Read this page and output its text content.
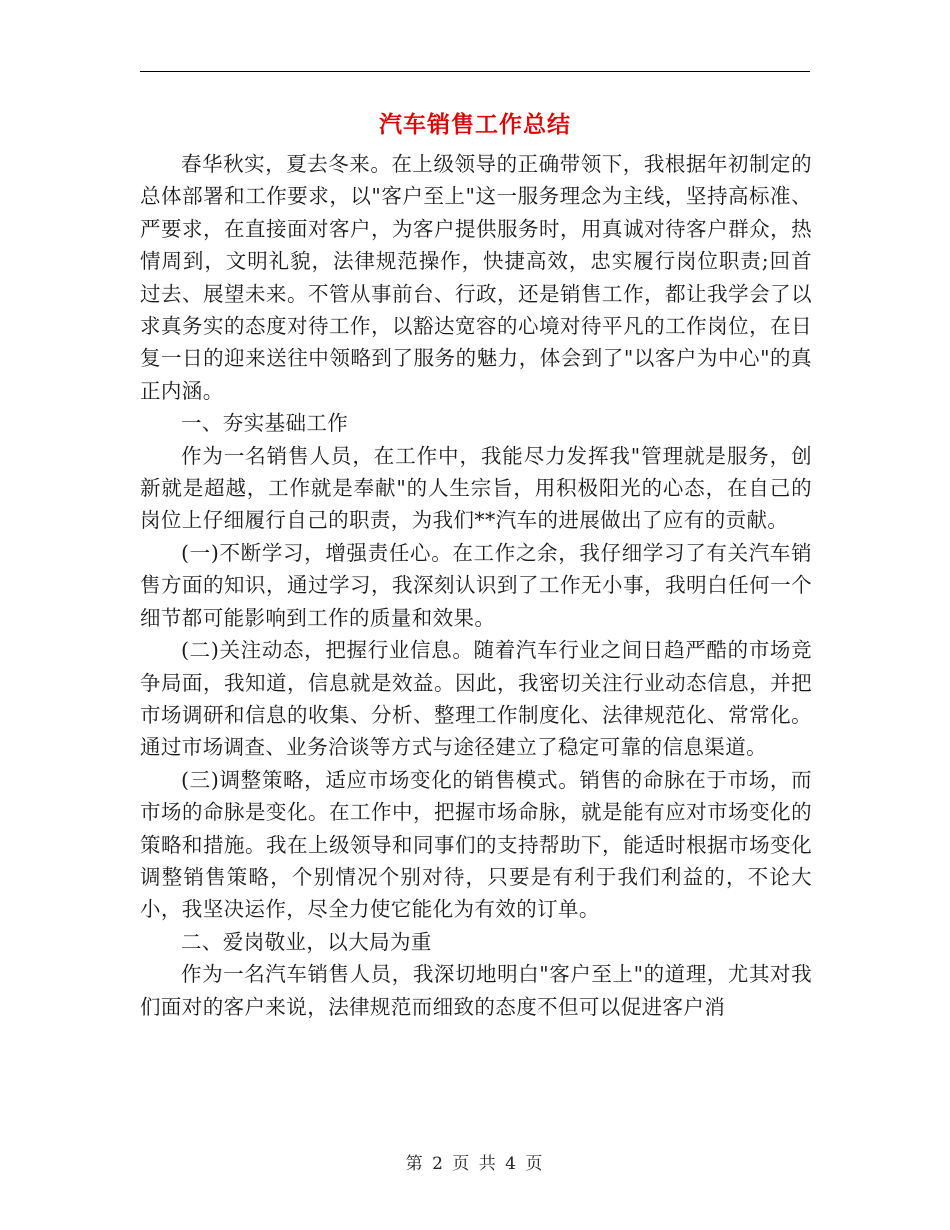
汽车销售工作总结

春华秋实，夏去冬来。在上级领导的正确带领下，我根据年初制定的总体部署和工作要求，以"客户至上"这一服务理念为主线，坚持高标准、严要求，在直接面对客户，为客户提供服务时，用真诚对待客户群众，热情周到，文明礼貌，法律规范操作，快捷高效，忠实履行岗位职责;回首过去、展望未来。不管从事前台、行政，还是销售工作，都让我学会了以求真务实的态度对待工作，以豁达宽容的心境对待平凡的工作岗位，在日复一日的迎来送往中领略到了服务的魅力，体会到了"以客户为中心"的真正内涵。

一、夯实基础工作

作为一名销售人员，在工作中，我能尽力发挥我"管理就是服务，创新就是超越，工作就是奉献"的人生宗旨，用积极阳光的心态，在自己的岗位上仔细履行自己的职责，为我们**汽车的进展做出了应有的贡献。

(一)不断学习，增强责任心。在工作之余，我仔细学习了有关汽车销售方面的知识，通过学习，我深刻认识到了工作无小事，我明白任何一个细节都可能影响到工作的质量和效果。

(二)关注动态，把握行业信息。随着汽车行业之间日趋严酷的市场竞争局面，我知道，信息就是效益。因此，我密切关注行业动态信息，并把市场调研和信息的收集、分析、整理工作制度化、法律规范化、常常化。通过市场调查、业务洽谈等方式与途径建立了稳定可靠的信息渠道。

(三)调整策略，适应市场变化的销售模式。销售的命脉在于市场，而市场的命脉是变化。在工作中，把握市场命脉，就是能有应对市场变化的策略和措施。我在上级领导和同事们的支持帮助下，能适时根据市场变化调整销售策略，个别情况个别对待，只要是有利于我们利益的，不论大小，我坚决运作，尽全力使它能化为有效的订单。

二、爱岗敬业，以大局为重

作为一名汽车销售人员，我深切地明白"客户至上"的道理，尤其对我们面对的客户来说，法律规范而细致的态度不但可以促进客户消

第 2 页 共 4 页
